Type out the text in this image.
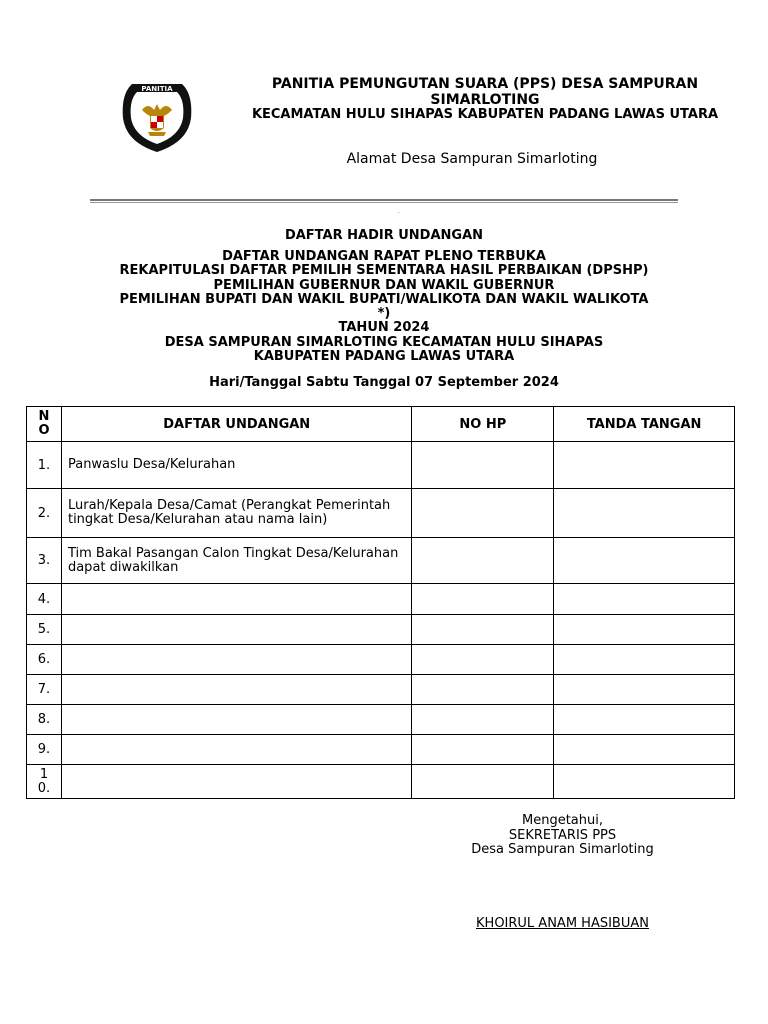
PANITIA	PANITIA PEMUNGUTAN SUARA (PPS) DESA SAMPURAN SIMARLOTING
KECAMATAN HULU SIHAPAS KABUPATEN PADANG LAWAS UTARA
Alamat Desa Sampuran Simarloting
.
DAFTAR HADIR UNDANGAN
DAFTAR UNDANGAN RAPAT PLENO TERBUKA
REKAPITULASI DAFTAR PEMILIH SEMENTARA HASIL PERBAIKAN (DPSHP)
PEMILIHAN GUBERNUR DAN WAKIL GUBERNUR
PEMILIHAN BUPATI DAN WAKIL BUPATI/WALIKOTA DAN WAKIL WALIKOTA *)
TAHUN 2024
DESA SAMPURAN SIMARLOTING KECAMATAN HULU SIHAPAS
KABUPATEN PADANG LAWAS UTARA
Hari/Tanggal Sabtu Tanggal 07 September 2024
NO	DAFTAR UNDANGAN	NO HP	TANDA TANGAN
1.	Panwaslu Desa/Kelurahan		
2.	Lurah/Kepala Desa/Camat (Perangkat Pemerintah tingkat Desa/Kelurahan atau nama lain)		
3.	Tim Bakal Pasangan Calon Tingkat Desa/Kelurahan dapat diwakilkan		
4.			
5.			
6.			
7.			
8.			
9.			
10.			
Mengetahui,
SEKRETARIS PPS
Desa Sampuran Simarloting
KHOIRUL ANAM HASIBUAN
